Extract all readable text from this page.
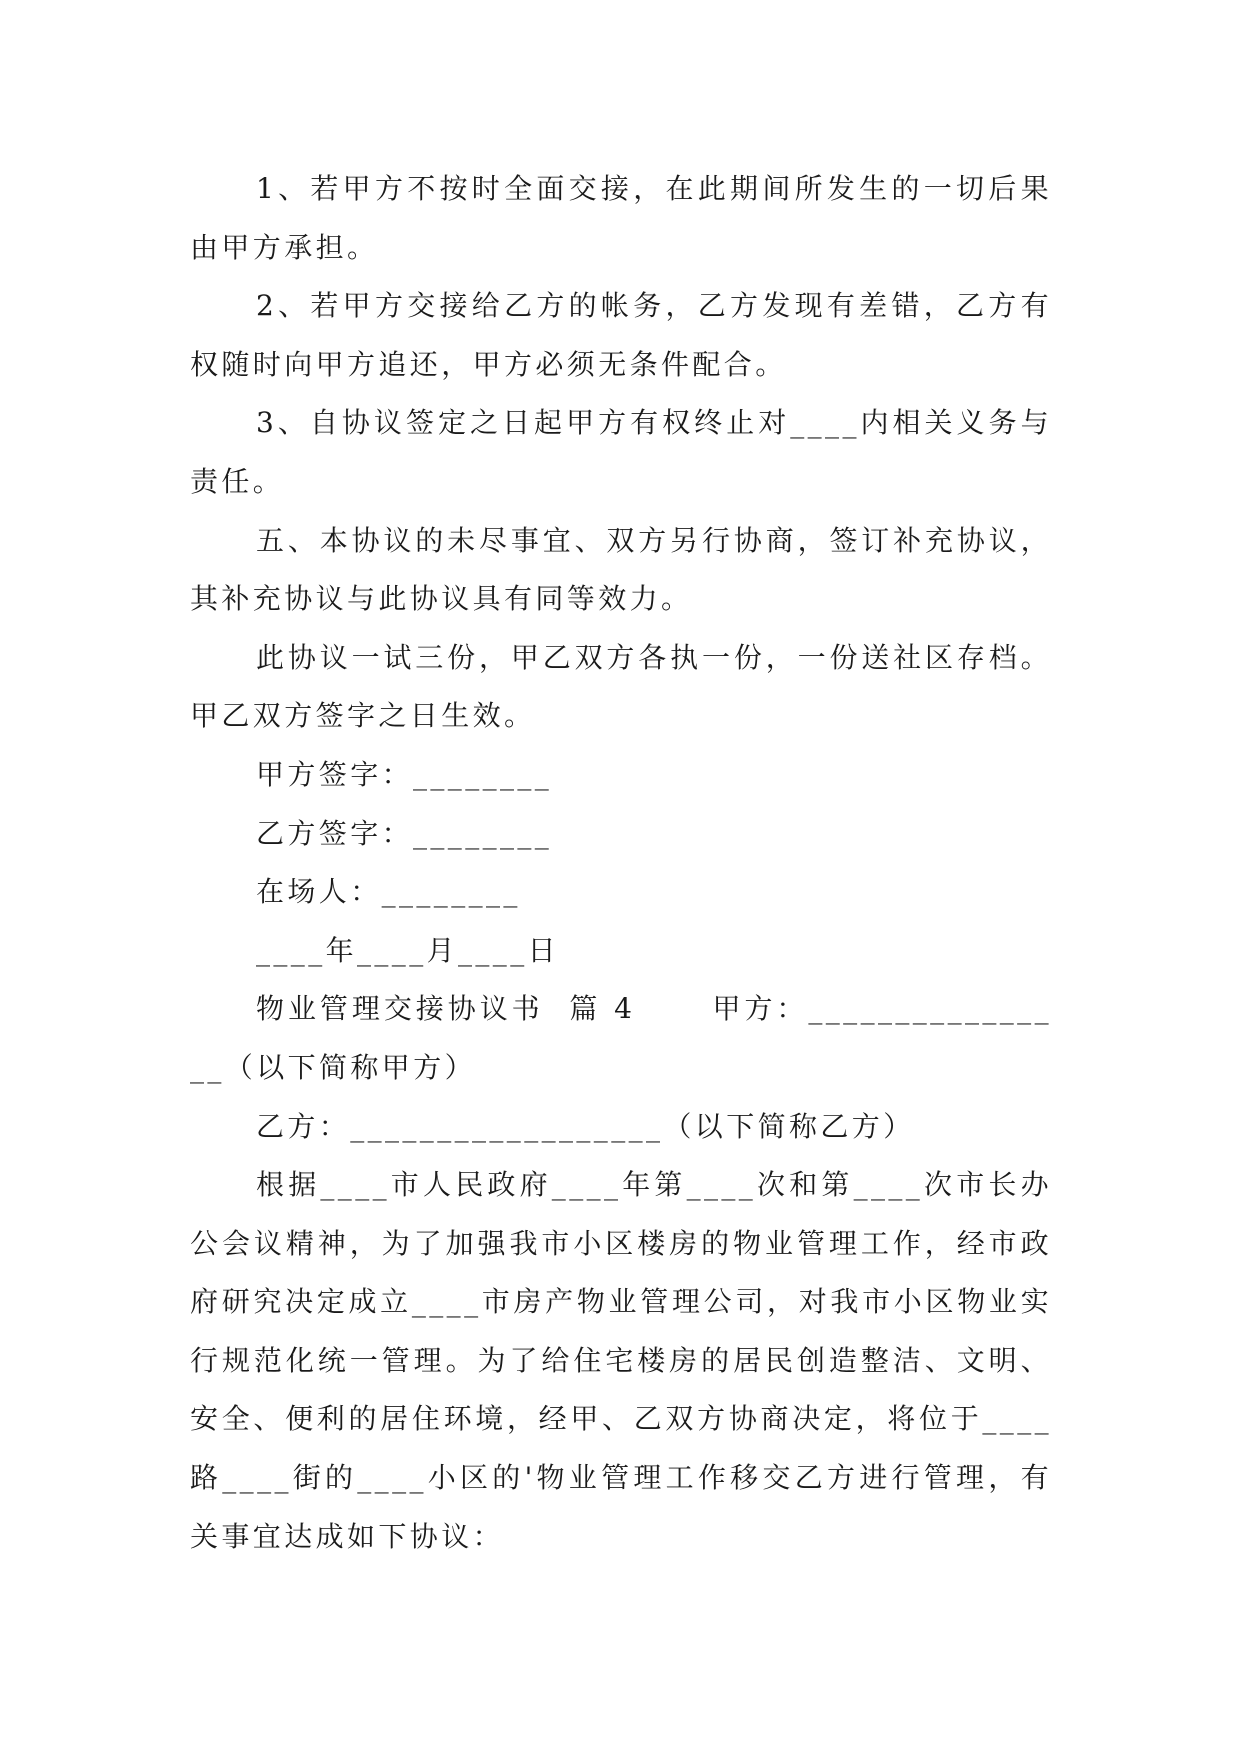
1、若甲方不按时全面交接，在此期间所发生的一切后果由甲方承担。

2、若甲方交接给乙方的帐务，乙方发现有差错，乙方有权随时向甲方追还，甲方必须无条件配合。

3、自协议签定之日起甲方有权终止对____内相关义务与责任。

五、本协议的未尽事宜、双方另行协商，签订补充协议，其补充协议与此协议具有同等效力。

此协议一试三份，甲乙双方各执一份，一份送社区存档。甲乙双方签字之日生效。

甲方签字：________

乙方签字：________

在场人：________

____年____月____日

物业管理交接协议书  篇 4      甲方：________________（以下简称甲方）

乙方：__________________（以下简称乙方）

根据____市人民政府____年第____次和第____次市长办公会议精神，为了加强我市小区楼房的物业管理工作，经市政府研究决定成立____市房产物业管理公司，对我市小区物业实行规范化统一管理。为了给住宅楼房的居民创造整洁、文明、安全、便利的居住环境，经甲、乙双方协商决定，将位于____路____街的____小区的'物业管理工作移交乙方进行管理，有关事宜达成如下协议：
